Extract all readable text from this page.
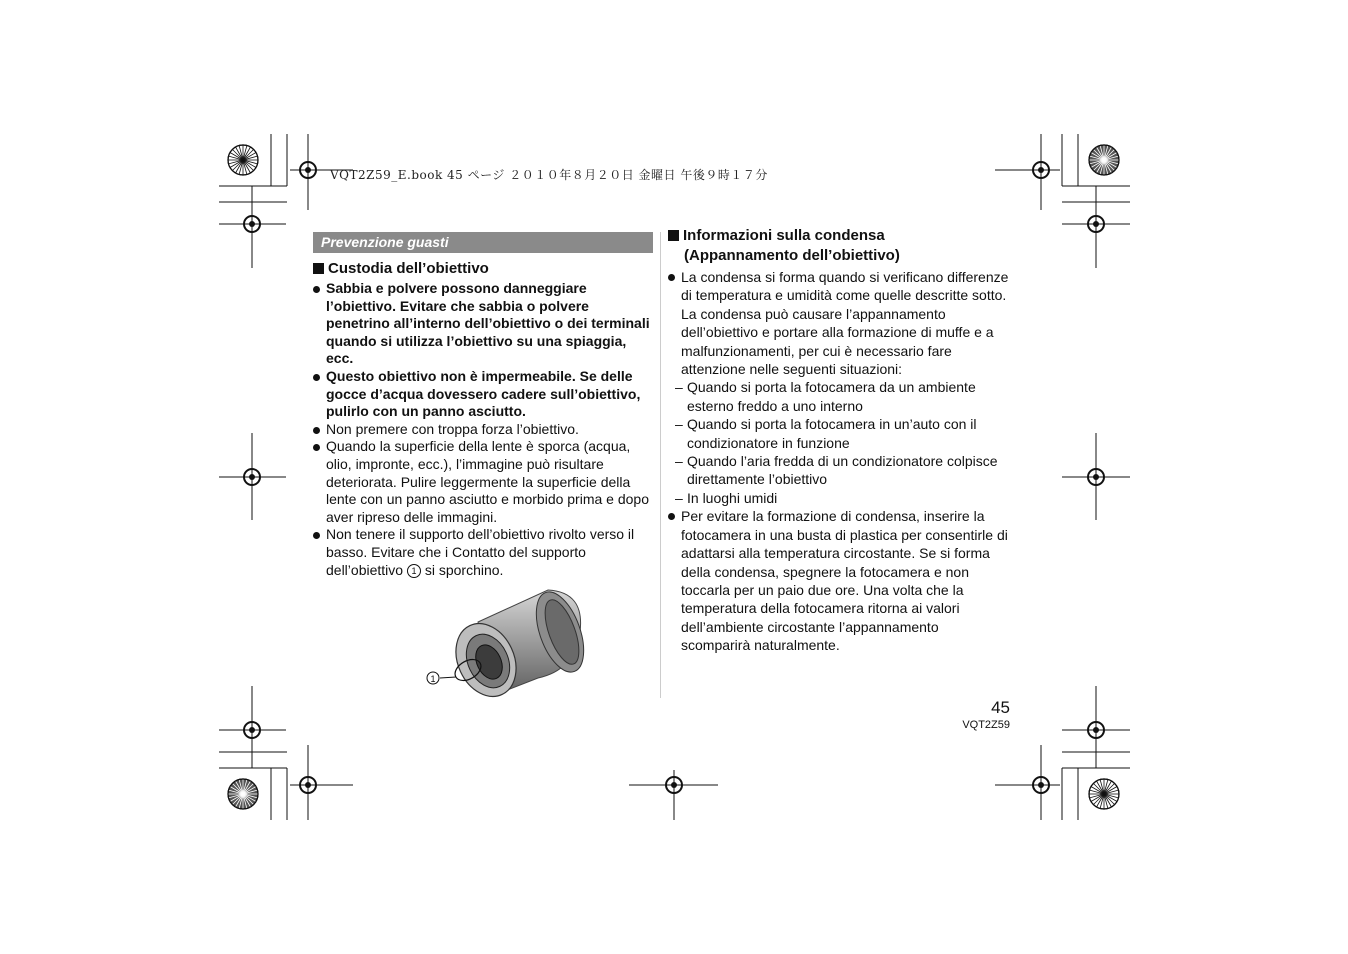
VQT2Z59_E.book 45 ページ ２０１０年８月２０日 金曜日 午後９時１７分
Prevenzione guasti
Custodia dell’obiettivo
Sabbia e polvere possono danneggiare l’obiettivo. Evitare che sabbia o polvere penetrino all’interno dell’obiettivo o dei terminali quando si utilizza l’obiettivo su una spiaggia, ecc.
Questo obiettivo non è impermeabile. Se delle gocce d’acqua dovessero cadere sull’obiettivo, pulirlo con un panno asciutto.
Non premere con troppa forza l’obiettivo.
Quando la superficie della lente è sporca (acqua, olio, impronte, ecc.), l’immagine può risultare deteriorata. Pulire leggermente la superficie della lente con un panno asciutto e morbido prima e dopo aver ripreso delle immagini.
Non tenere il supporto dell’obiettivo rivolto verso il basso. Evitare che i Contatto del supporto dell’obiettivo 1 si sporchino.
1
Informazioni sulla condensa
(Appannamento dell’obiettivo)
La condensa si forma quando si verificano differenze di temperatura e umidità come quelle descritte sotto. La condensa può causare l’appannamento dell’obiettivo e portare alla formazione di muffe e a malfunzionamenti, per cui è necessario fare attenzione nelle seguenti situazioni:
– Quando si porta la fotocamera da un ambiente esterno freddo a uno interno
– Quando si porta la fotocamera in un’auto con il condizionatore in funzione
– Quando l’aria fredda di un condizionatore colpisce direttamente l’obiettivo
– In luoghi umidi
Per evitare la formazione di condensa, inserire la fotocamera in una busta di plastica per consentirle di adattarsi alla temperatura circostante. Se si forma della condensa, spegnere la fotocamera e non toccarla per un paio due ore. Una volta che la temperatura della fotocamera ritorna ai valori dell’ambiente circostante l’appannamento scomparirà naturalmente.
45
VQT2Z59
